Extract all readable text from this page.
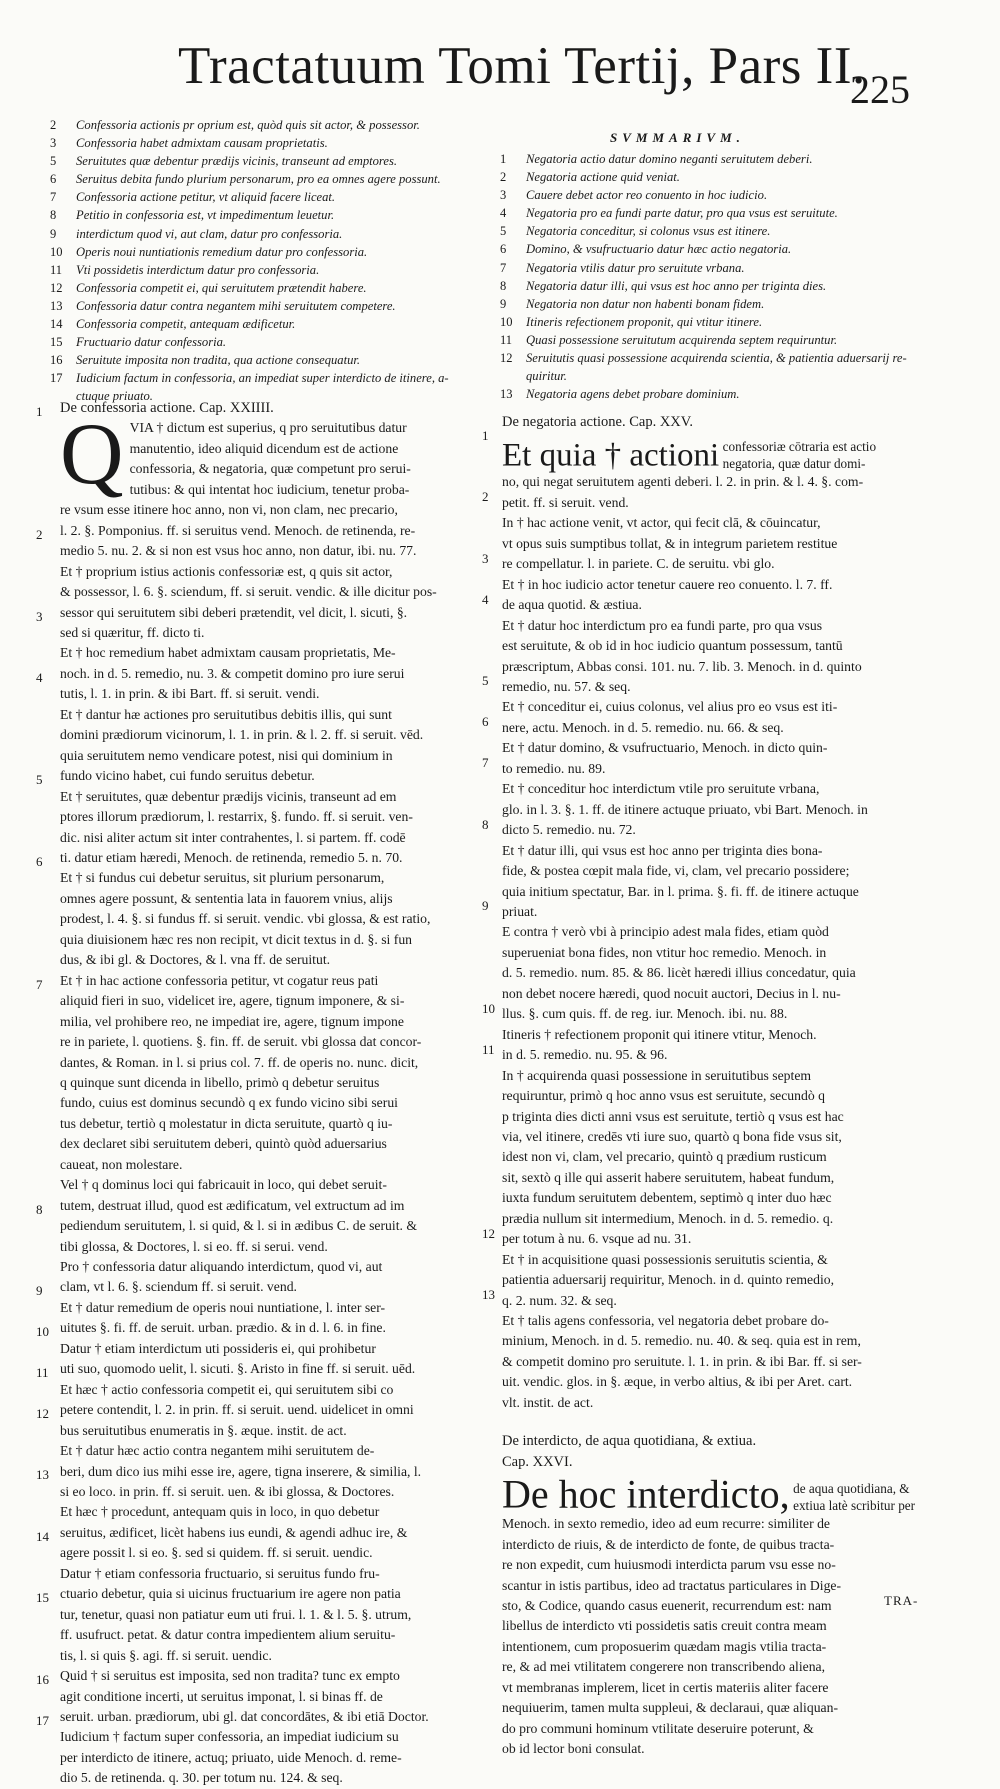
Tractatuum Tomi Tertij, Pars II.
225
2	Confessoria actionis pr oprium est, quòd quis sit actor, & possessor.
3	Confessoria habet admixtam causam proprietatis.
5	Seruitutes quæ debentur prædijs vicinis, transeunt ad emptores.
6	Seruitus debita fundo plurium personarum, pro ea omnes agere possunt.
7	Confessoria actione petitur, vt aliquid facere liceat.
8	Petitio in confessoria est, vt impedimentum leuetur.
9	interdictum quod vi, aut clam, datur pro confessoria.
10	Operis noui nuntiationis remedium datur pro confessoria.
11	Vti possidetis interdictum datur pro confessoria.
12	Confessoria competit ei, qui seruitutem prætendit habere.
13	Confessoria datur contra negantem mihi seruitutem competere.
14	Confessoria competit, antequam ædificetur.
15	Fructuario datur confessoria.
16	Seruitute imposita non tradita, qua actione consequatur.
17	Iudicium factum in confessoria, an impediat super interdicto de itinere, a-
ctuque priuato.
SVMMARIVM.
1	Negatoria actio datur domino neganti seruitutem deberi.
2	Negatoria actione quid veniat.
3	Cauere debet actor reo conuento in hoc iudicio.
4	Negatoria pro ea fundi parte datur, pro qua vsus est seruitute.
5	Negatoria conceditur, si colonus vsus est itinere.
6	Domino, & vsufructuario datur hæc actio negatoria.
7	Negatoria vtilis datur pro seruitute vrbana.
8	Negatoria datur illi, qui vsus est hoc anno per triginta dies.
9	Negatoria non datur non habenti bonam fidem.
10	Itineris refectionem proponit, qui vtitur itinere.
11	Quasi possessione seruitutum acquirenda septem requiruntur.
12	Seruitutis quasi possessione acquirenda scientia, & patientia aduersarij re-
quiritur.
13	Negatoria agens debet probare dominium.

De confessoria actione. Cap. XXIIII.

Q VIA † dictum est superius, q pro seruitutibus datur
manutentio, ideo aliquid dicendum est de actione
confessoria, & negatoria, quæ competunt pro serui-
tutibus: & qui intentat hoc iudicium, tenetur proba-
re vsum esse itinere hoc anno, non vi, non clam, nec precario,
l. 2. §. Pomponius. ff. si seruitus vend. Menoch. de retinenda, re-
medio 5. nu. 2. & si non est vsus hoc anno, non datur, ibi. nu. 77.
Et † proprium istius actionis confessoriæ est, q quis sit actor,
& possessor, l. 6. §. sciendum, ff. si seruit. vendic. & ille dicitur pos-
sessor qui seruitutem sibi deberi prætendit, vel dicit, l. sicuti, §.
sed si quæritur, ff. dicto ti.
Et † hoc remedium habet admixtam causam proprietatis, Me-
noch. in d. 5. remedio, nu. 3. & competit domino pro iure serui
tutis, l. 1. in prin. & ibi Bart. ff. si seruit. vendi.
Et † dantur hæ actiones pro seruitutibus debitis illis, qui sunt
domini prædiorum vicinorum, l. 1. in prin. & l. 2. ff. si seruit. vēd.
quia seruitutem nemo vendicare potest, nisi qui dominium in
fundo vicino habet, cui fundo seruitus debetur.
Et † seruitutes, quæ debentur prædijs vicinis, transeunt ad em
ptores illorum prædiorum, l. restarrix, §. fundo. ff. si seruit. ven-
dic. nisi aliter actum sit inter contrahentes, l. si partem. ff. codē
ti. datur etiam hæredi, Menoch. de retinenda, remedio 5. n. 70.
Et † si fundus cui debetur seruitus, sit plurium personarum,
omnes agere possunt, & sententia lata in fauorem vnius, alijs
prodest, l. 4. §. si fundus ff. si seruit. vendic. vbi glossa, & est ratio,
quia diuisionem hæc res non recipit, vt dicit textus in d. §. si fun
dus, & ibi gl. & Doctores, & l. vna ff. de seruitut.
Et † in hac actione confessoria petitur, vt cogatur reus pati
aliquid fieri in suo, videlicet ire, agere, tignum imponere, & si-
milia, vel prohibere reo, ne impediat ire, agere, tignum impone
re in pariete, l. quotiens. §. fin. ff. de seruit. vbi glossa dat concor-
dantes, & Roman. in l. si prius col. 7. ff. de operis no. nunc. dicit,
q quinque sunt dicenda in libello, primò q debetur seruitus
fundo, cuius est dominus secundò q ex fundo vicino sibi serui
tus debetur, tertiò q molestatur in dicta seruitute, quartò q iu-
dex declaret sibi seruitutem deberi, quintò quòd aduersarius
caueat, non molestare.
Vel † q dominus loci qui fabricauit in loco, qui debet seruit-
tutem, destruat illud, quod est ædificatum, vel extructum ad im
pediendum seruitutem, l. si quid, & l. si in ædibus C. de seruit. &
tibi glossa, & Doctores, l. si eo. ff. si serui. vend.
Pro † confessoria datur aliquando interdictum, quod vi, aut
clam, vt l. 6. §. sciendum ff. si seruit. vend.
Et † datur remedium de operis noui nuntiatione, l. inter ser-
uitutes §. fi. ff. de seruit. urban. prædio. & in d. l. 6. in fine.
Datur † etiam interdictum uti possideris ei, qui prohibetur
uti suo, quomodo uelit, l. sicuti. §. Aristo in fine ff. si seruit. uēd.
Et hæc † actio confessoria competit ei, qui seruitutem sibi co
petere contendit, l. 2. in prin. ff. si seruit. uend. uidelicet in omni
bus seruitutibus enumeratis in §. æque. instit. de act.
Et † datur hæc actio contra negantem mihi seruitutem de-
beri, dum dico ius mihi esse ire, agere, tigna inserere, & similia, l.
si eo loco. in prin. ff. si seruit. uen. & ibi glossa, & Doctores.
Et hæc † procedunt, antequam quis in loco, in quo debetur
seruitus, ædificet, licèt habens ius eundi, & agendi adhuc ire, &
agere possit l. si eo. §. sed si quidem. ff. si seruit. uendic.
Datur † etiam confessoria fructuario, si seruitus fundo fru-
ctuario debetur, quia si uicinus fructuarium ire agere non patia
tur, tenetur, quasi non patiatur eum uti frui. l. 1. & l. 5. §. utrum,
ff. usufruct. petat. & datur contra impedientem alium seruitu-
tis, l. si quis §. agi. ff. si seruit. uendic.
Quid † si seruitus est imposita, sed non tradita? tunc ex empto
agit conditione incerti, ut seruitus imponat, l. si binas ff. de
seruit. urban. prædiorum, ubi gl. dat concordātes, & ibi etiā Doctor.
Iudicium † factum super confessoria, an impediat iudicium su
per interdicto de itinere, actuq; priuato, uide Menoch. d. reme-
dio 5. de retinenda. q. 30. per totum nu. 124. & seq.

De negatoria actione. Cap. XXV.

Et quia † actioni confessoriæ cōtraria est actio
negatoria, quæ datur domi-
no, qui negat seruitutem agenti deberi. l. 2. in prin. & l. 4. §. com-
petit. ff. si seruit. vend.
In † hac actione venit, vt actor, qui fecit clā, & cōuincatur,
vt opus suis sumptibus tollat, & in integrum parietem restitue
re compellatur. l. in pariete. C. de seruitu. vbi glo.
Et † in hoc iudicio actor tenetur cauere reo conuento. l. 7. ff.
de aqua quotid. & æstiua.
Et † datur hoc interdictum pro ea fundi parte, pro qua vsus
est seruitute, & ob id in hoc iudicio quantum possessum, tantū
præscriptum, Abbas consi. 101. nu. 7. lib. 3. Menoch. in d. quinto
remedio, nu. 57. & seq.
Et † conceditur ei, cuius colonus, vel alius pro eo vsus est iti-
nere, actu. Menoch. in d. 5. remedio. nu. 66. & seq.
Et † datur domino, & vsufructuario, Menoch. in dicto quin-
to remedio. nu. 89.
Et † conceditur hoc interdictum vtile pro seruitute vrbana,
glo. in l. 3. §. 1. ff. de itinere actuque priuato, vbi Bart. Menoch. in
dicto 5. remedio. nu. 72.
Et † datur illi, qui vsus est hoc anno per triginta dies bona-
fide, & postea cœpit mala fide, vi, clam, vel precario possidere;
quia initium spectatur, Bar. in l. prima. §. fi. ff. de itinere actuque
priuat.
E contra † verò vbi à principio adest mala fides, etiam quòd
superueniat bona fides, non vtitur hoc remedio. Menoch. in
d. 5. remedio. num. 85. & 86. licèt hæredi illius concedatur, quia
non debet nocere hæredi, quod nocuit auctori, Decius in l. nu-
llus. §. cum quis. ff. de reg. iur. Menoch. ibi. nu. 88.
Itineris † refectionem proponit qui itinere vtitur, Menoch.
in d. 5. remedio. nu. 95. & 96.
In † acquirenda quasi possessione in seruitutibus septem
requiruntur, primò q hoc anno vsus est seruitute, secundò q
p triginta dies dicti anni vsus est seruitute, tertiò q vsus est hac
via, vel itinere, credēs vti iure suo, quartò q bona fide vsus sit,
idest non vi, clam, vel precario, quintò q prædium rusticum
sit, sextò q ille qui asserit habere seruitutem, habeat fundum,
iuxta fundum seruitutem debentem, septimò q inter duo hæc
prædia nullum sit intermedium, Menoch. in d. 5. remedio. q.
per totum à nu. 6. vsque ad nu. 31.
Et † in acquisitione quasi possessionis seruitutis scientia, &
patientia aduersarij requiritur, Menoch. in d. quinto remedio,
q. 2. num. 32. & seq.
Et † talis agens confessoria, vel negatoria debet probare do-
minium, Menoch. in d. 5. remedio. nu. 40. & seq. quia est in rem,
& competit domino pro seruitute. l. 1. in prin. & ibi Bar. ff. si ser-
uit. vendic. glos. in §. æque, in verbo altius, & ibi per Aret. cart.
vlt. instit. de act.

De interdicto, de aqua quotidiana, & extiua.

Cap. XXVI.

De hoc interdicto, de aqua quotidiana, &
extiua latè scribitur per
Menoch. in sexto remedio, ideo ad eum recurre: similiter de
interdicto de riuis, & de interdicto de fonte, de quibus tracta-
re non expedit, cum huiusmodi interdicta parum vsu esse no-
scantur in istis partibus, ideo ad tractatus particulares in Dige-
sto, & Codice, quando casus euenerit, recurrendum est: nam
libellus de interdicto vti possidetis satis creuit contra meam
intentionem, cum proposuerim quædam magis vtilia tracta-
re, & ad mei vtilitatem congerere non transcribendo aliena,
vt membranas implerem, licet in certis materiis aliter facere
nequiuerim, tamen multa suppleui, & declaraui, quæ aliquan-
do pro communi hominum vtilitate deseruire poterunt, &
ob id lector boni consulat.
TRA-
1
2
3
4
5
6
7
8
9
10
11
12
13
14
15
16
17
1
2
3
4
5
6
7
8
9
10
11
12
13
